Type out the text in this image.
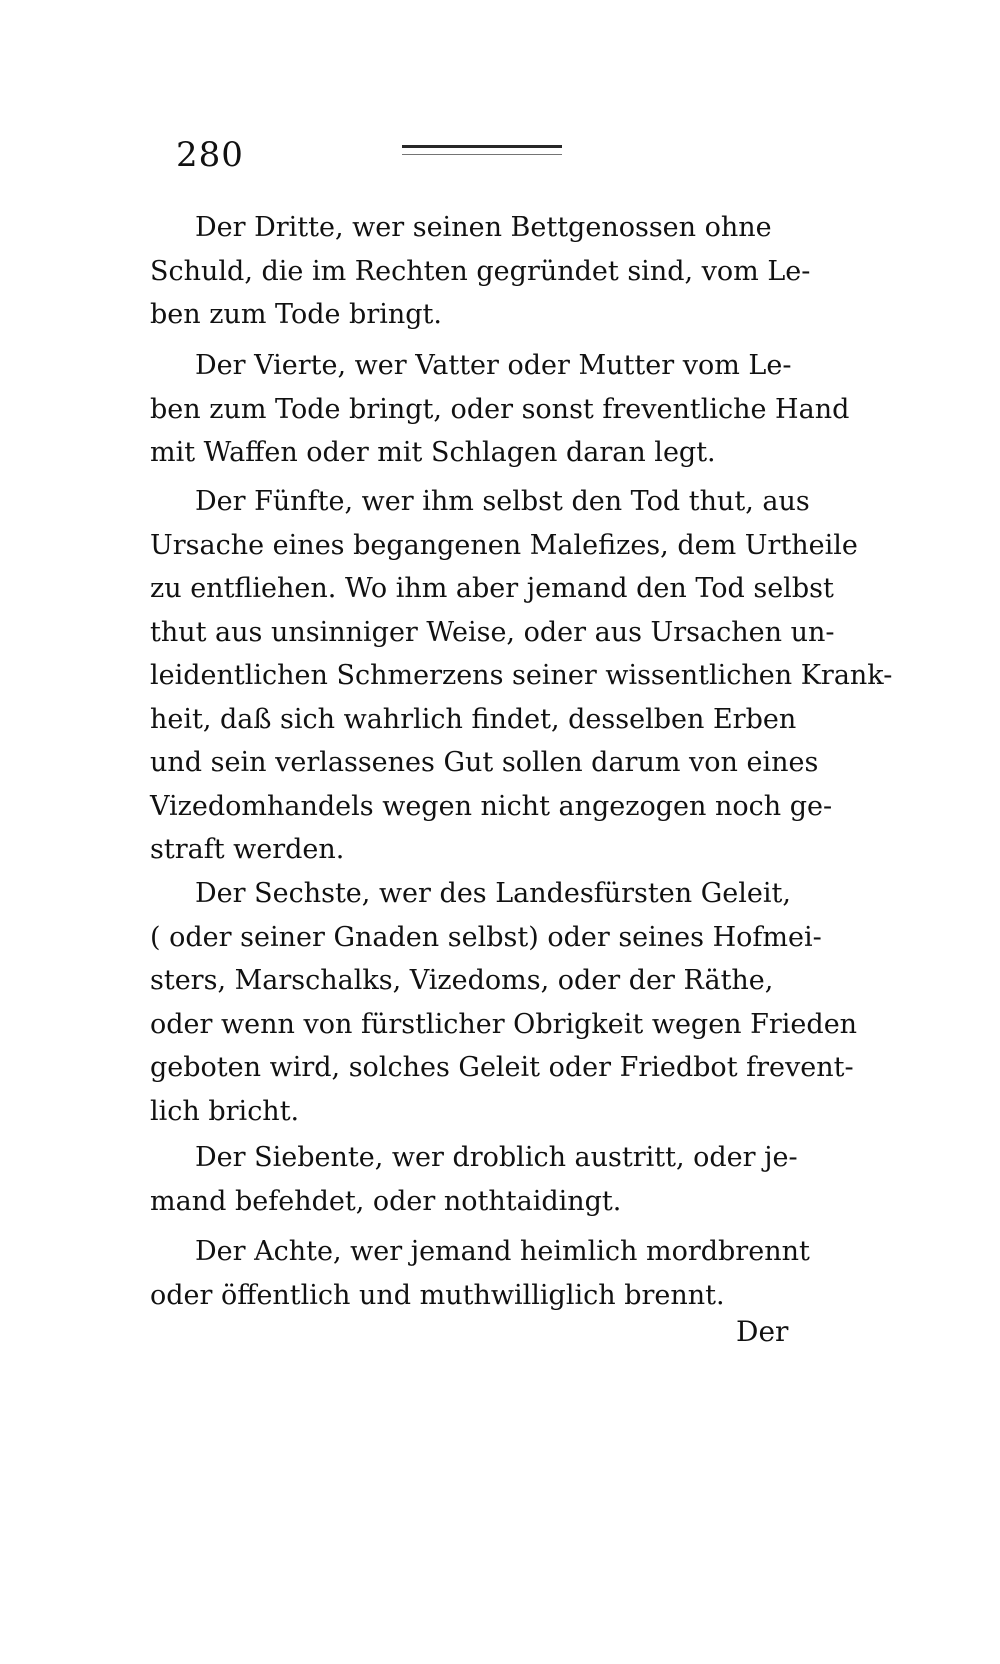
280
Der Dritte, wer seinen Bettgenossen ohne
Schuld, die im Rechten gegründet sind, vom Le-
ben zum Tode bringt.
Der Vierte, wer Vatter oder Mutter vom Le-
ben zum Tode bringt, oder sonst freventliche Hand
mit Waffen oder mit Schlagen daran legt.
Der Fünfte, wer ihm selbst den Tod thut, aus
Ursache eines begangenen Malefizes, dem Urtheile
zu entfliehen. Wo ihm aber jemand den Tod selbst
thut aus unsinniger Weise, oder aus Ursachen un-
leidentlichen Schmerzens seiner wissentlichen Krank-
heit, daß sich wahrlich findet, desselben Erben
und sein verlassenes Gut sollen darum von eines
Vizedomhandels wegen nicht angezogen noch ge-
straft werden.
Der Sechste, wer des Landesfürsten Geleit,
( oder seiner Gnaden selbst) oder seines Hofmei-
sters, Marschalks, Vizedoms, oder der Räthe,
oder wenn von fürstlicher Obrigkeit wegen Frieden
geboten wird, solches Geleit oder Friedbot frevent-
lich bricht.
Der Siebente, wer droblich austritt, oder je-
mand befehdet, oder nothtaidingt.
Der Achte, wer jemand heimlich mordbrennt
oder öffentlich und muthwilliglich brennt.
Der
